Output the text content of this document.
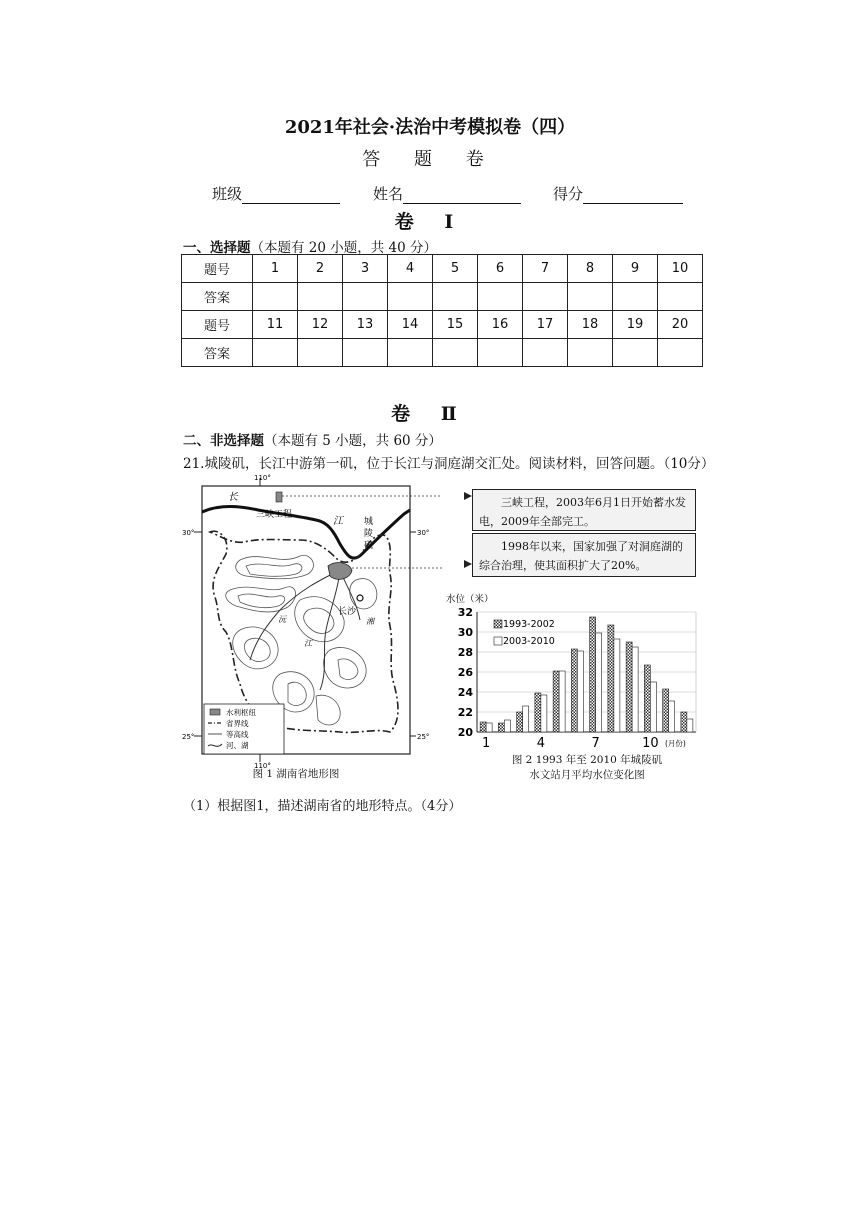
2021年社会·法治中考模拟卷（四）
答 题 卷
班级	姓名	得分
卷 Ⅰ
一、选择题（本题有 20 小题，共 40 分）
题号	1	2	3	4	5	6	7	8	9	10
答案										
题号	11	12	13	14	15	16	17	18	19	20
答案										
卷 Ⅱ
二、非选择题（本题有 5 小题，共 60 分）
21.城陵矶，长江中游第一矶，位于长江与洞庭湖交汇处。阅读材料，回答问题。（10分）
110°
110°
30°	30°
25°	25°
水利枢纽
省界线
等高线
河、湖
长
三峡工程
江 城
陵
矶
长沙
湘
沅
江
图 1 湖南省地形图
三峡工程，2003年6月1日开始蓄水发电，2009年全部完工。
1998年以来，国家加强了对洞庭湖的综合治理，使其面积扩大了20%。
水位（米）
20
22
24
26
28
30
32
1	4	7	10
1993-2002
2003-2010
(月份)
图 2 1993 年至 2010 年城陵矶
水文站月平均水位变化图
（1）根据图1，描述湖南省的地形特点。（4分）
